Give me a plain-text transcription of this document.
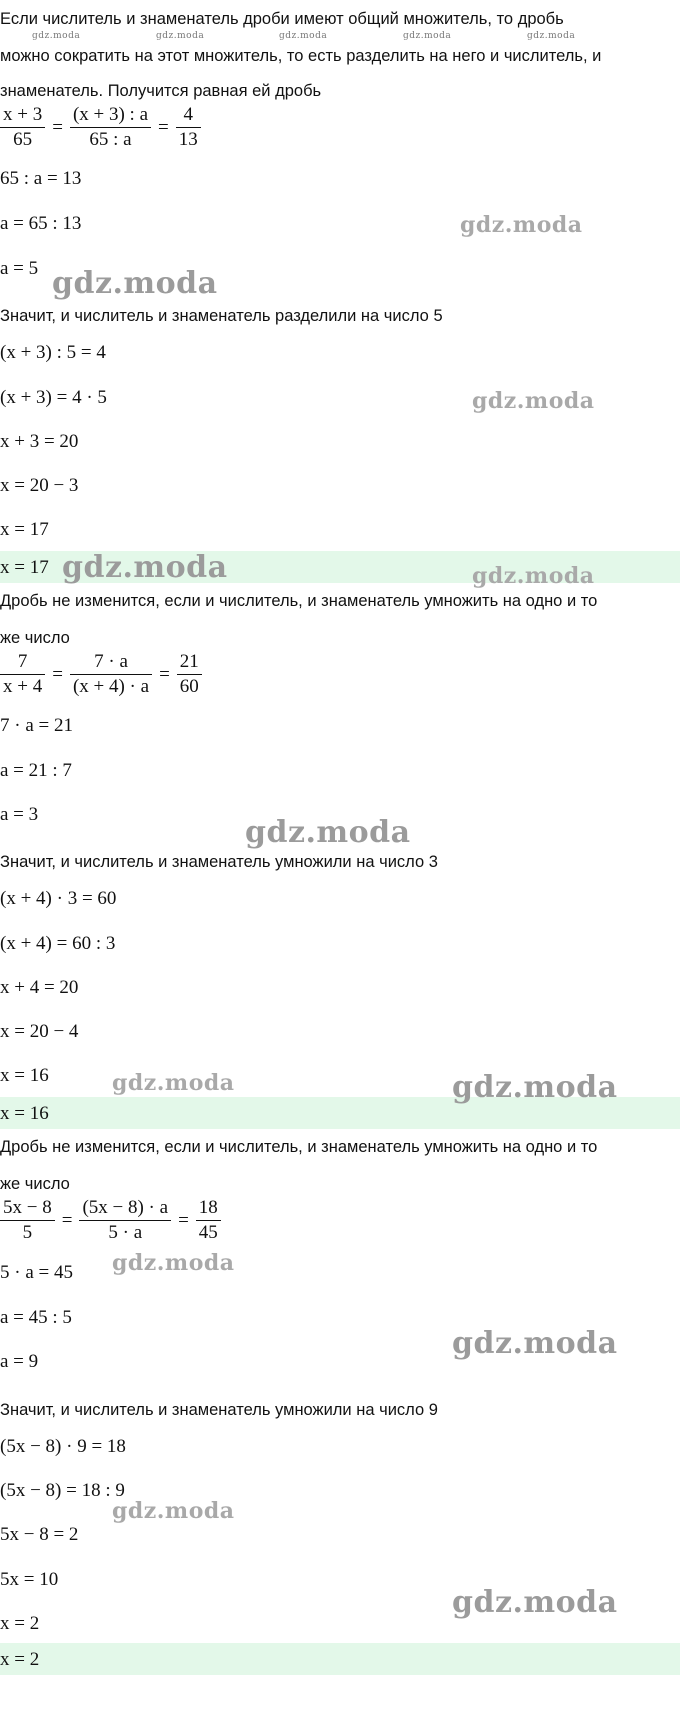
Если числитель и знаменатель дроби имеют общий множитель, то дробь

можно сократить на этот множитель, то есть разделить на него и числитель, и

знаменатель. Получится равная ей дробь

$\frac{x + 3}{65} = \frac{(x + 3) : a}{65 : a} = \frac{4}{13}$

65 : a = 13

a = 65 : 13

a = 5

Значит, и числитель и знаменатель разделили на число 5

(x + 3) : 5 = 4

(x + 3) = 4 · 5

x + 3 = 20

x = 20 − 3

x = 17

x = 17

Дробь не изменится, если и числитель, и знаменатель умножить на одно и то

же число

$\frac{7}{x + 4} = \frac{7 \cdot a}{(x + 4) \cdot a} = \frac{21}{60}$

7 · a = 21

a = 21 : 7

a = 3

Значит, и числитель и знаменатель умножили на число 3

(x + 4) · 3 = 60

(x + 4) = 60 : 3

x + 4 = 20

x = 20 − 4

x = 16

x = 16

Дробь не изменится, если и числитель, и знаменатель умножить на одно и то

же число

$\frac{5x - 8}{5} = \frac{(5x - 8) \cdot a}{5 \cdot a} = \frac{18}{45}$

5 · a = 45

a = 45 : 5

a = 9

Значит, и числитель и знаменатель умножили на число 9

(5x − 8) · 9 = 18

(5x − 8) = 18 : 9

5x − 8 = 2

5x = 10

x = 2

x = 2

gdz.moda	gdz.moda	gdz.moda	gdz.moda	gdz.moda
gdz.moda
gdz.moda
gdz.moda
gdz.moda	gdz.moda
gdz.moda
gdz.moda	gdz.moda
gdz.moda
gdz.moda
gdz.moda
gdz.moda
